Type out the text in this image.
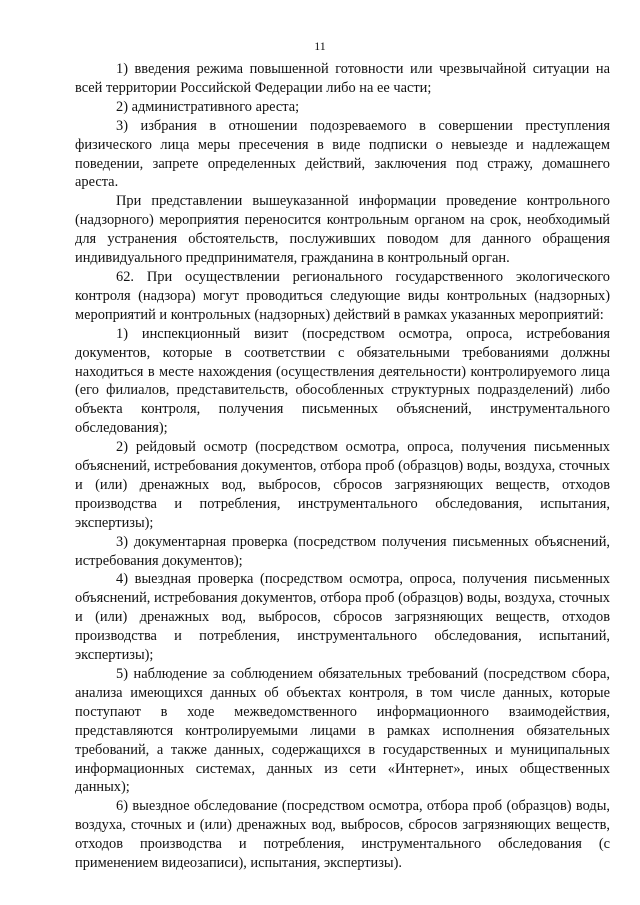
11

1) введения режима повышенной готовности или чрезвычайной ситуации на всей территории Российской Федерации либо на ее части;

2) административного ареста;

3) избрания в отношении подозреваемого в совершении преступления физического лица меры пресечения в виде подписки о невыезде и надлежащем поведении, запрете определенных действий, заключения под стражу, домашнего ареста.

При представлении вышеуказанной информации проведение контрольного (надзорного) мероприятия переносится контрольным органом на срок, необходимый для устранения обстоятельств, послуживших поводом для данного обращения индивидуального предпринимателя, гражданина в контрольный орган.

62. При осуществлении регионального государственного экологического контроля (надзора) могут проводиться следующие виды контрольных (надзорных) мероприятий и контрольных (надзорных) действий в рамках указанных мероприятий:

1) инспекционный визит (посредством осмотра, опроса, истребования документов, которые в соответствии с обязательными требованиями должны находиться в месте нахождения (осуществления деятельности) контролируемого лица (его филиалов, представительств, обособленных структурных подразделений) либо объекта контроля, получения письменных объяснений, инструментального обследования);

2) рейдовый осмотр (посредством осмотра, опроса, получения письменных объяснений, истребования документов, отбора проб (образцов) воды, воздуха, сточных и (или) дренажных вод, выбросов, сбросов загрязняющих веществ, отходов производства и потребления, инструментального обследования, испытания, экспертизы);

3) документарная проверка (посредством получения письменных объяснений, истребования документов);

4) выездная проверка (посредством осмотра, опроса, получения письменных объяснений, истребования документов, отбора проб (образцов) воды, воздуха, сточных и (или) дренажных вод, выбросов, сбросов загрязняющих веществ, отходов производства и потребления, инструментального обследования, испытаний, экспертизы);

5) наблюдение за соблюдением обязательных требований (посредством сбора, анализа имеющихся данных об объектах контроля, в том числе данных, которые поступают в ходе межведомственного информационного взаимодействия, представляются контролируемыми лицами в рамках исполнения обязательных требований, а также данных, содержащихся в государственных и муниципальных информационных системах, данных из сети «Интернет», иных общественных данных);

6) выездное обследование (посредством осмотра, отбора проб (образцов) воды, воздуха, сточных и (или) дренажных вод, выбросов, сбросов загрязняющих веществ, отходов производства и потребления, инструментального обследования (с применением видеозаписи), испытания, экспертизы).
